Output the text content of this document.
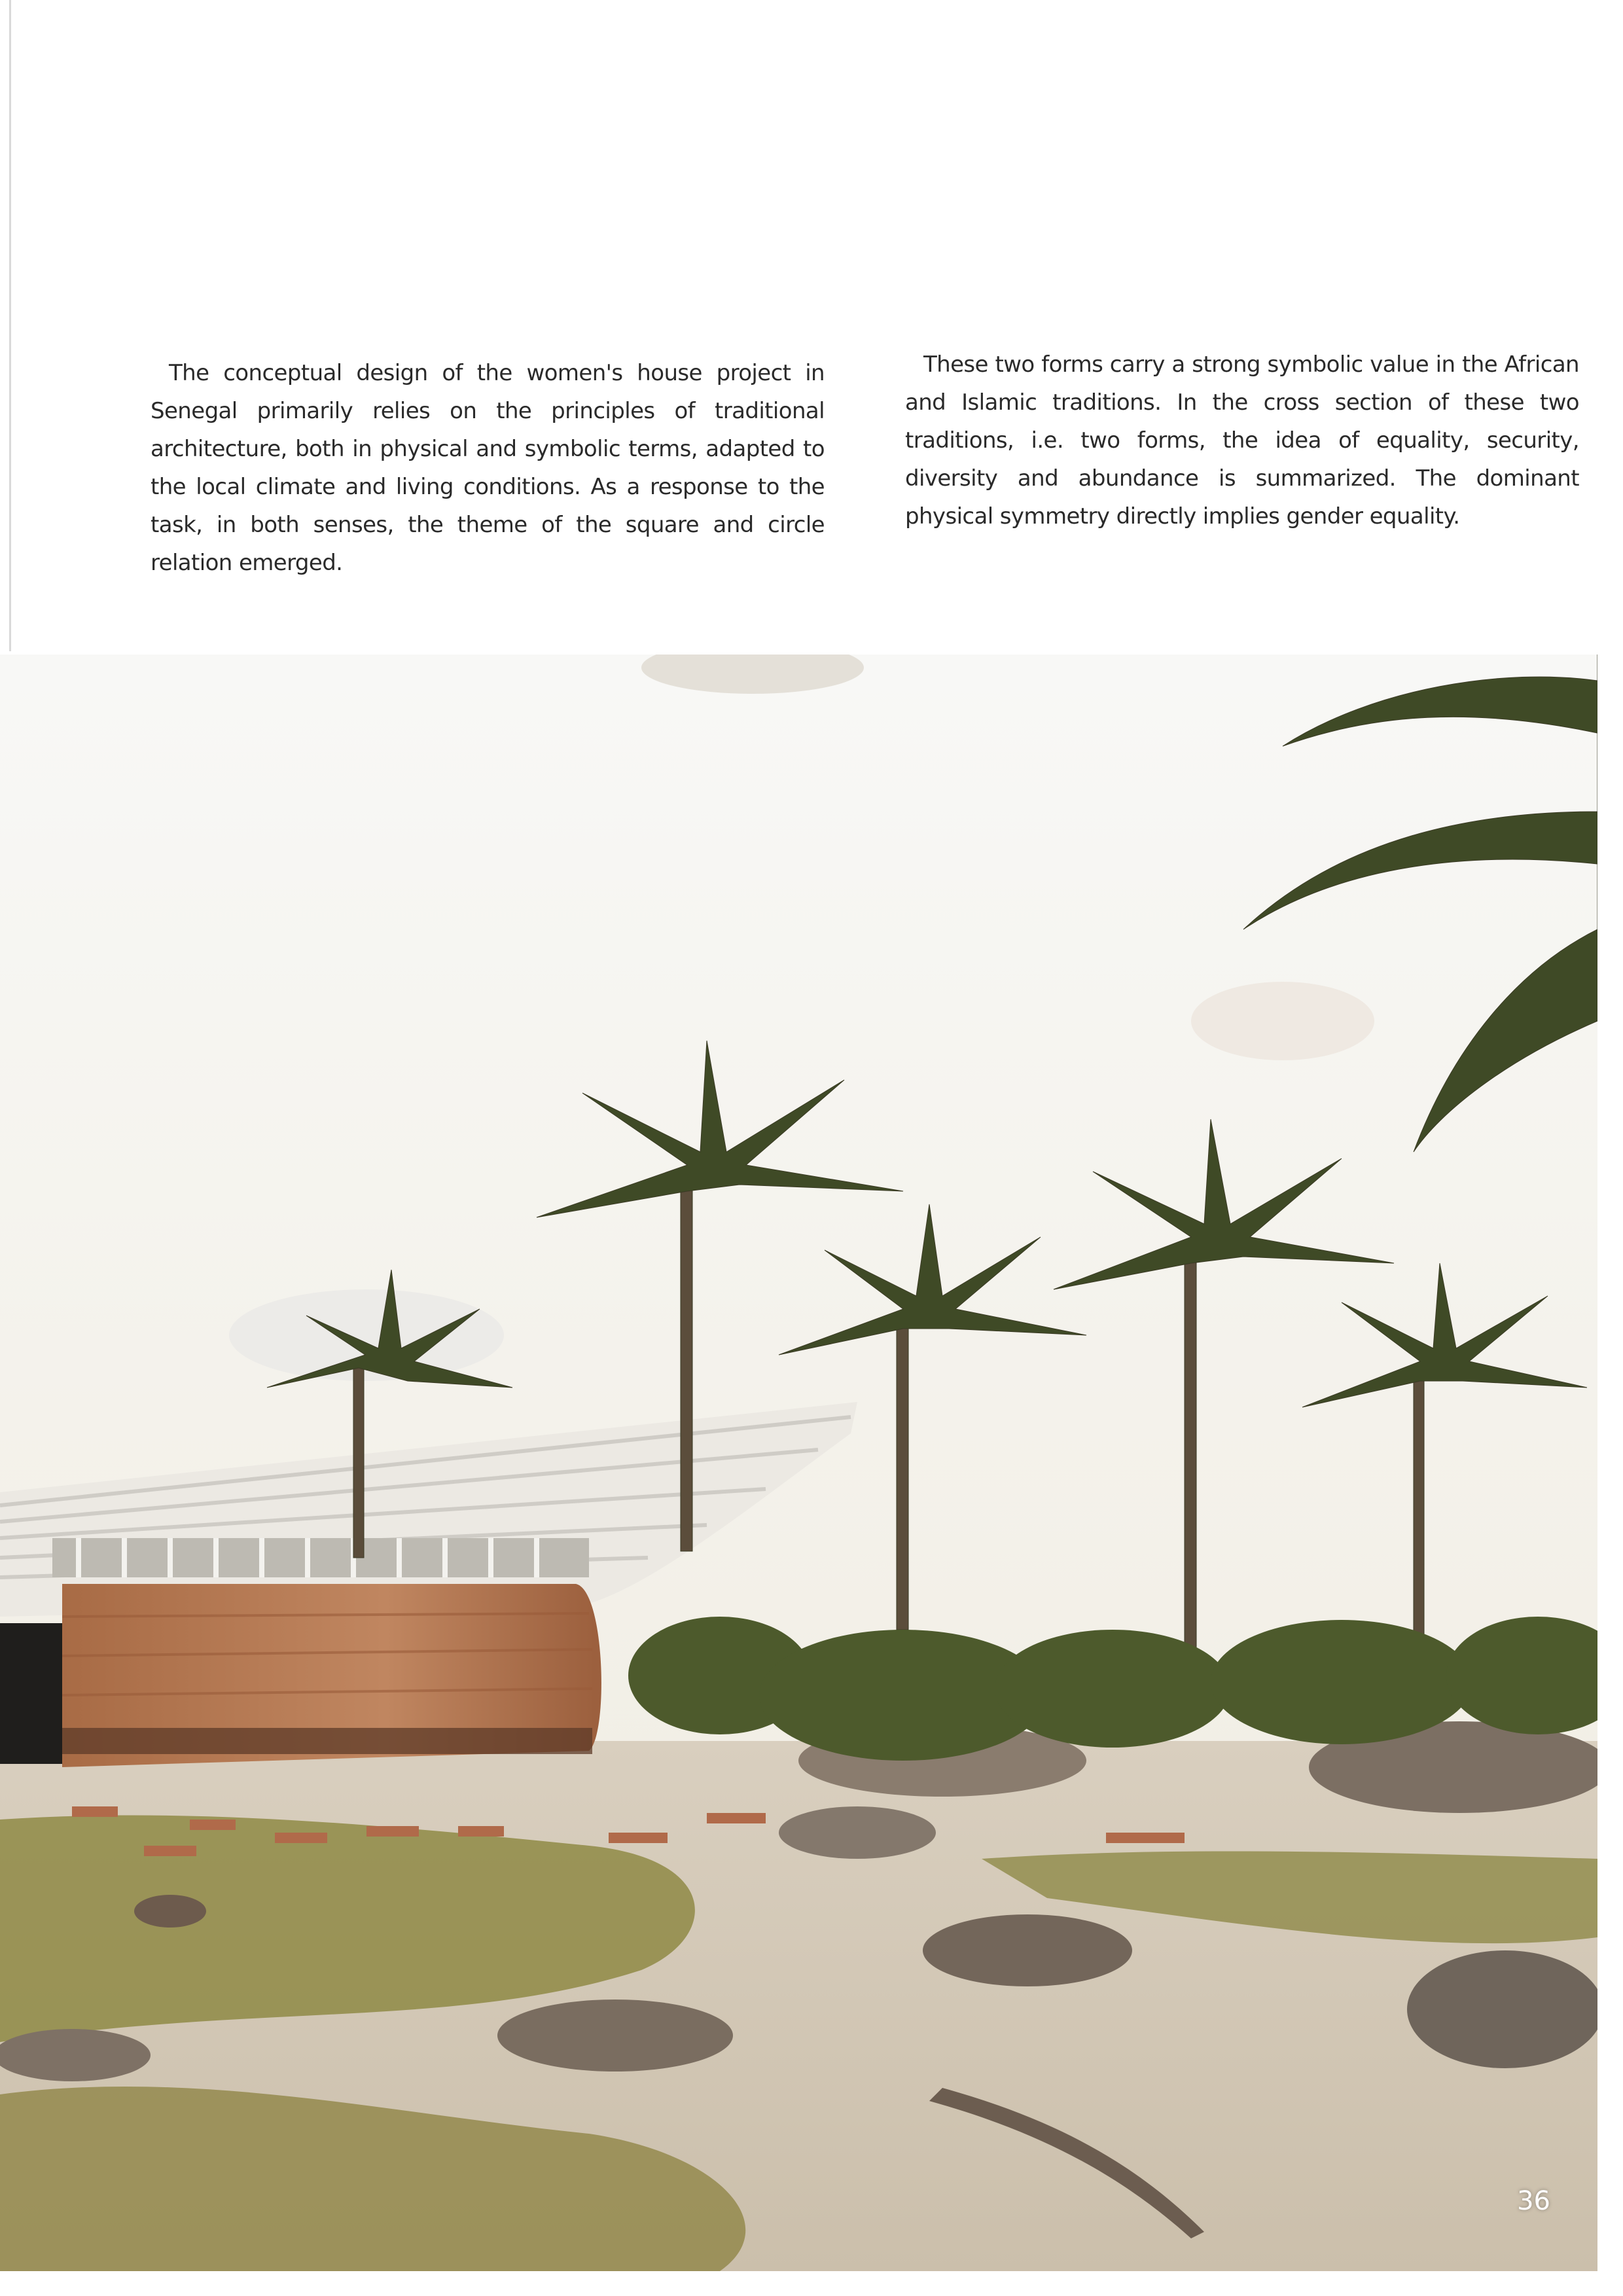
The conceptual design of the women's house project in Senegal primarily relies on the principles of traditional architecture, both in physical and symbolic terms, adapted to the local climate and living conditions. As a response to the task, in both senses, the theme of the square and circle relation emerged.

These two forms carry a strong symbolic value in the African and Islamic traditions. In the cross section of these two traditions, i.e. two forms, the idea of equality, security, diversity and abundance is summarized. The dominant physical symmetry directly implies gender equality.

36
